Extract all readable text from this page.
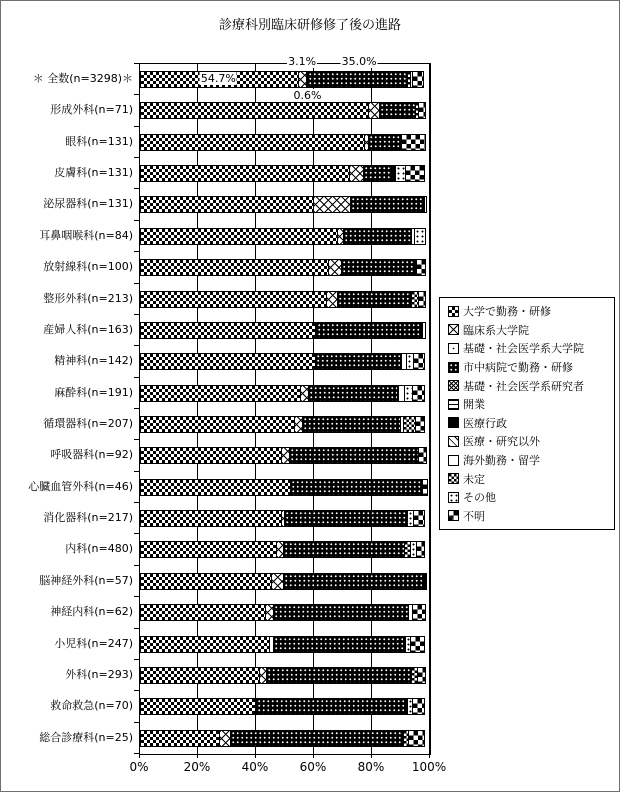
診療科別臨床研修修了後の進路
＊ 全数(n=3298)＊
形成外科(n=71)
眼科(n=131)
皮膚科(n=131)
泌尿器科(n=131)
耳鼻咽喉科(n=84)
放射線科(n=100)
整形外科(n=213)
産婦人科(n=163)
精神科(n=142)
麻酔科(n=191)
循環器科(n=207)
呼吸器科(n=92)
心臓血管外科(n=46)
消化器科(n=217)
内科(n=480)
脳神経外科(n=57)
神経内科(n=62)
小児科(n=247)
外科(n=293)
救命救急(n=70)
総合診療科(n=25)
0%	20%	40%	60%	80% 100%
大学で勤務・研修
臨床系大学院
基礎・社会医学系大学院
市中病院で勤務・研修
基礎・社会医学系研究者
開業
医療行政
医療・研究以外
海外勤務・留学
未定
その他
不明
54.7%
3.1%
0.6%
35.0%
